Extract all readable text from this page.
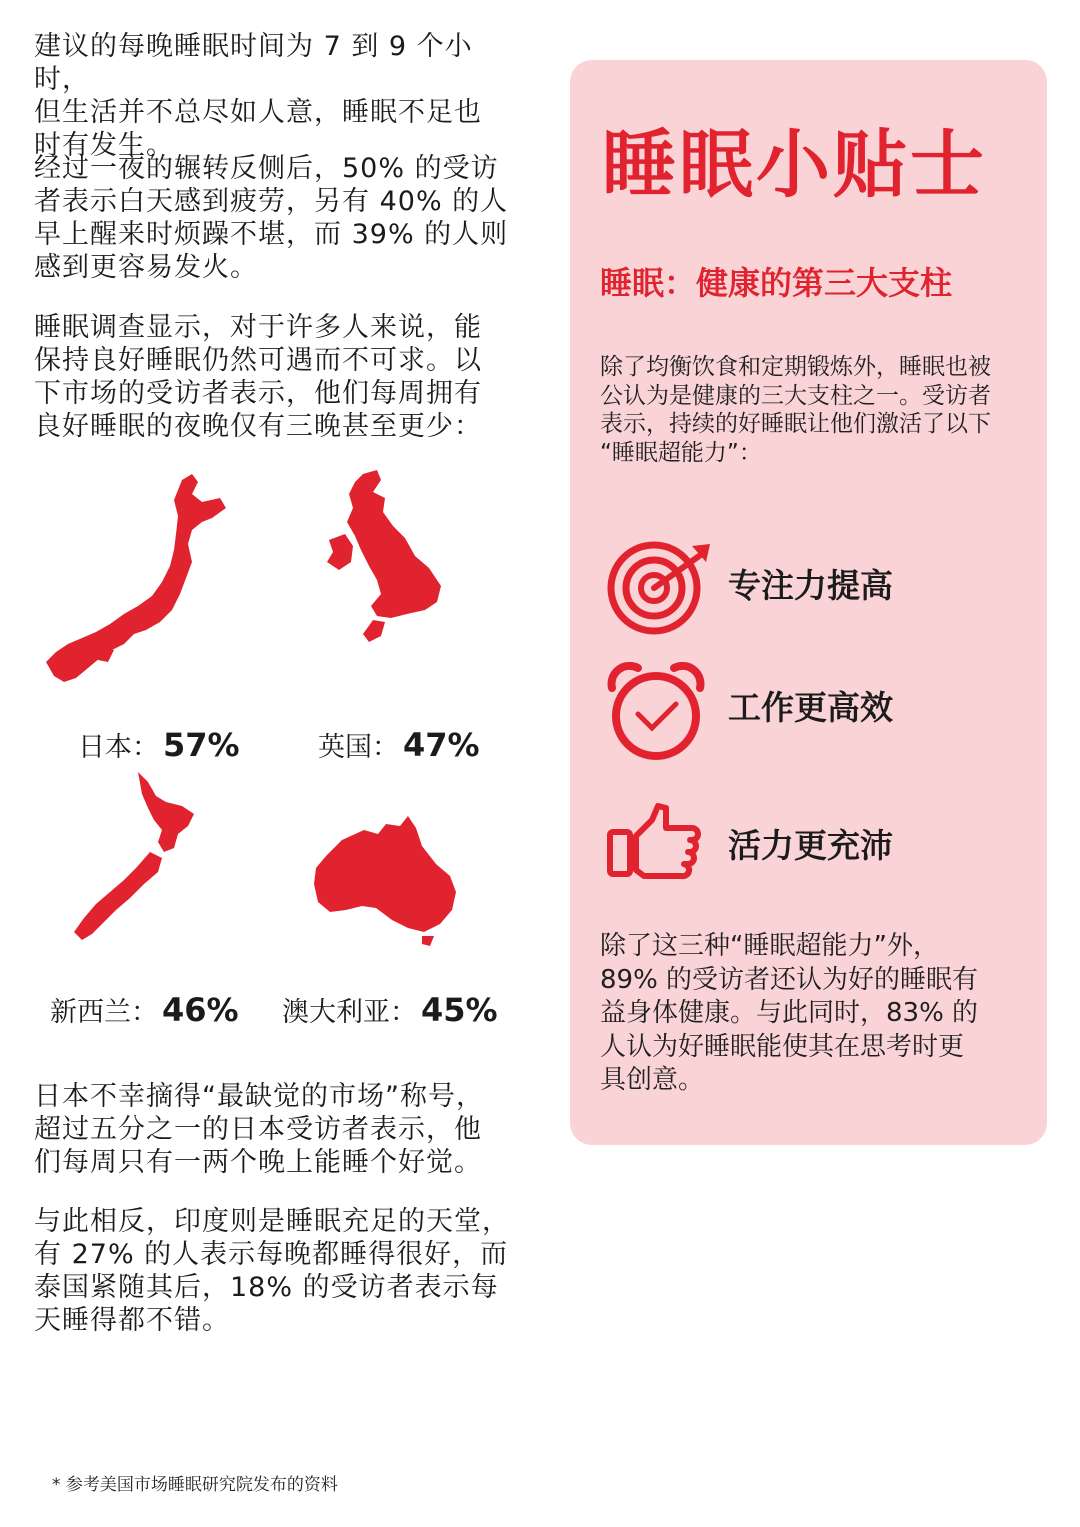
建议的每晚睡眠时间为 7 到 9 个小时，
但生活并不总尽如人意，睡眠不足也
时有发生。

经过一夜的辗转反侧后，50% 的受访
者表示白天感到疲劳，另有 40% 的人
早上醒来时烦躁不堪，而 39% 的人则
感到更容易发火。

睡眠调查显示，对于许多人来说，能
保持良好睡眠仍然可遇而不可求。以
下市场的受访者表示，他们每周拥有
良好睡眠的夜晚仅有三晚甚至更少：

日本： 57%	英国： 47%
新西兰： 46% 澳大利亚： 45%

日本不幸摘得“最缺觉的市场”称号，
超过五分之一的日本受访者表示，他
们每周只有一两个晚上能睡个好觉。

与此相反，印度则是睡眠充足的天堂，
有 27% 的人表示每晚都睡得很好，而
泰国紧随其后，18% 的受访者表示每
天睡得都不错。

* 参考美国市场睡眠研究院发布的资料
睡眠小贴士
睡眠：健康的第三大支柱

除了均衡饮食和定期锻炼外，睡眠也被
公认为是健康的三大支柱之一。受访者
表示，持续的好睡眠让他们激活了以下
“睡眠超能力”：

专注力提高
工作更高效
活力更充沛

除了这三种“睡眠超能力”外，
89% 的受访者还认为好的睡眠有
益身体健康。与此同时，83% 的
人认为好睡眠能使其在思考时更
具创意。
